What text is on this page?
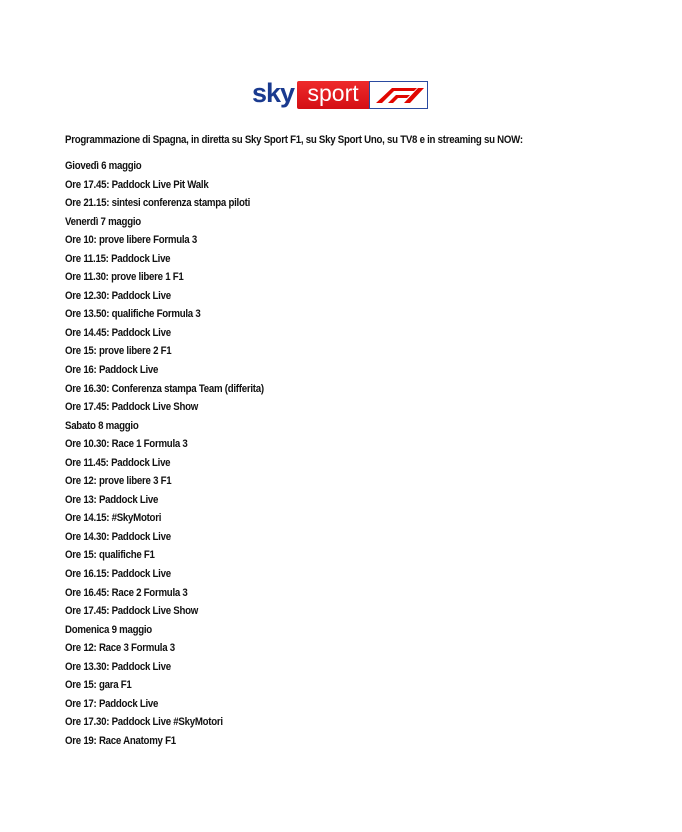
sky sport
Programmazione di Spagna, in diretta su Sky Sport F1, su Sky Sport Uno, su TV8 e in streaming su NOW:
Giovedì 6 maggio
Ore 17.45: Paddock Live Pit Walk
Ore 21.15: sintesi conferenza stampa piloti
Venerdì 7 maggio
Ore 10: prove libere Formula 3
Ore 11.15: Paddock Live
Ore 11.30: prove libere 1 F1
Ore 12.30: Paddock Live
Ore 13.50: qualifiche Formula 3
Ore 14.45: Paddock Live
Ore 15: prove libere 2 F1
Ore 16: Paddock Live
Ore 16.30: Conferenza stampa Team (differita)
Ore 17.45: Paddock Live Show
Sabato 8 maggio
Ore 10.30: Race 1 Formula 3
Ore 11.45: Paddock Live
Ore 12: prove libere 3 F1
Ore 13: Paddock Live
Ore 14.15: #SkyMotori
Ore 14.30: Paddock Live
Ore 15: qualifiche F1
Ore 16.15: Paddock Live
Ore 16.45: Race 2 Formula 3
Ore 17.45: Paddock Live Show
Domenica 9 maggio
Ore 12: Race 3 Formula 3
Ore 13.30: Paddock Live
Ore 15: gara F1
Ore 17: Paddock Live
Ore 17.30: Paddock Live #SkyMotori
Ore 19: Race Anatomy F1
